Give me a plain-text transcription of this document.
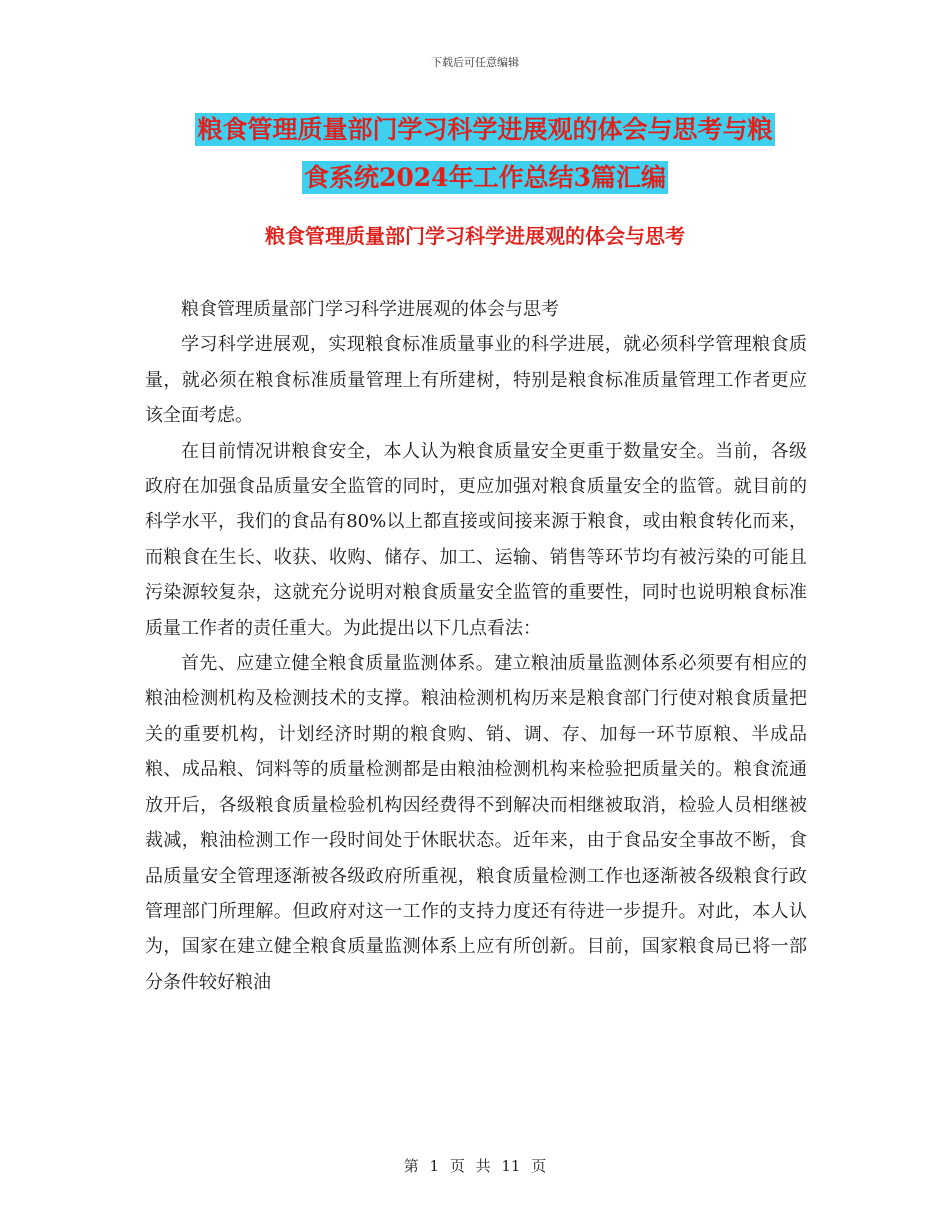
下载后可任意编辑
粮食管理质量部门学习科学进展观的体会与思考与粮
食系统2024年工作总结3篇汇编
粮食管理质量部门学习科学进展观的体会与思考

粮食管理质量部门学习科学进展观的体会与思考

学习科学进展观，实现粮食标准质量事业的科学进展，就必须科学管理粮食质量，就必须在粮食标准质量管理上有所建树，特别是粮食标准质量管理工作者更应该全面考虑。

在目前情况讲粮食安全，本人认为粮食质量安全更重于数量安全。当前，各级政府在加强食品质量安全监管的同时，更应加强对粮食质量安全的监管。就目前的科学水平，我们的食品有80%以上都直接或间接来源于粮食，或由粮食转化而来，而粮食在生长、收获、收购、储存、加工、运输、销售等环节均有被污染的可能且污染源较复杂，这就充分说明对粮食质量安全监管的重要性，同时也说明粮食标准质量工作者的责任重大。为此提出以下几点看法：

首先、应建立健全粮食质量监测体系。建立粮油质量监测体系必须要有相应的粮油检测机构及检测技术的支撑。粮油检测机构历来是粮食部门行使对粮食质量把关的重要机构，计划经济时期的粮食购、销、调、存、加每一环节原粮、半成品粮、成品粮、饲料等的质量检测都是由粮油检测机构来检验把质量关的。粮食流通放开后，各级粮食质量检验机构因经费得不到解决而相继被取消，检验人员相继被裁减，粮油检测工作一段时间处于休眠状态。近年来，由于食品安全事故不断，食品质量安全管理逐渐被各级政府所重视，粮食质量检测工作也逐渐被各级粮食行政管理部门所理解。但政府对这一工作的支持力度还有待进一步提升。对此，本人认为，国家在建立健全粮食质量监测体系上应有所创新。目前，国家粮食局已将一部分条件较好粮油

第 1 页 共 11 页
